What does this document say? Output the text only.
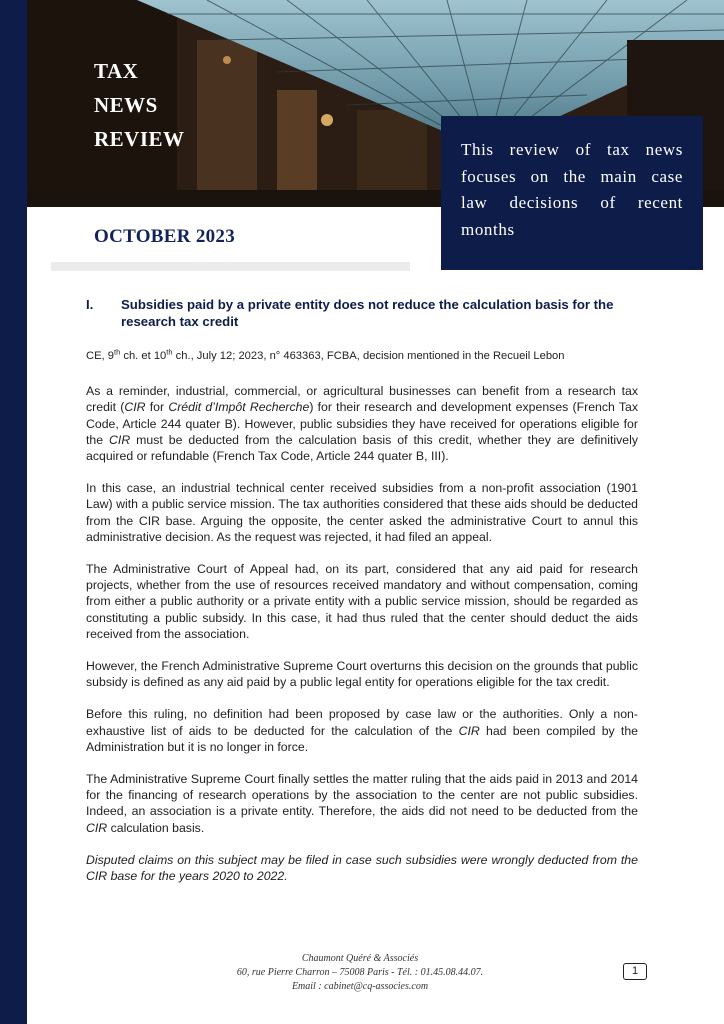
TAX
NEWS
REVIEW	This review of tax news focuses on the main case law decisions of recent months

OCTOBER 2023
I.	Subsidies paid by a private entity does not reduce the calculation basis for the research tax credit

CE, 9th ch. et 10th ch., July 12; 2023, n° 463363, FCBA, decision mentioned in the Recueil Lebon

As a reminder, industrial, commercial, or agricultural businesses can benefit from a research tax credit (CIR for Crédit d’Impôt Recherche) for their research and development expenses (French Tax Code, Article 244 quater B). However, public subsidies they have received for operations eligible for the CIR must be deducted from the calculation basis of this credit, whether they are definitively acquired or refundable (French Tax Code, Article 244 quater B, III).

In this case, an industrial technical center received subsidies from a non-profit association (1901 Law) with a public service mission. The tax authorities considered that these aids should be deducted from the CIR base. Arguing the opposite, the center asked the administrative Court to annul this administrative decision. As the request was rejected, it had filed an appeal.

The Administrative Court of Appeal had, on its part, considered that any aid paid for research projects, whether from the use of resources received mandatory and without compensation, coming from either a public authority or a private entity with a public service mission, should be regarded as constituting a public subsidy. In this case, it had thus ruled that the center should deduct the aids received from the association.

However, the French Administrative Supreme Court overturns this decision on the grounds that public subsidy is defined as any aid paid by a public legal entity for operations eligible for the tax credit.

Before this ruling, no definition had been proposed by case law or the authorities. Only a non-exhaustive list of aids to be deducted for the calculation of the CIR had been compiled by the Administration but it is no longer in force.

The Administrative Supreme Court finally settles the matter ruling that the aids paid in 2013 and 2014 for the financing of research operations by the association to the center are not public subsidies. Indeed, an association is a private entity. Therefore, the aids did not need to be deducted from the CIR calculation basis.

Disputed claims on this subject may be filed in case such subsidies were wrongly deducted from the CIR base for the years 2020 to 2022.

Chaumont Quéré & Associés
60, rue Pierre Charron – 75008 Paris - Tél. : 01.45.08.44.07.
Email : cabinet@cq-associes.com
1
